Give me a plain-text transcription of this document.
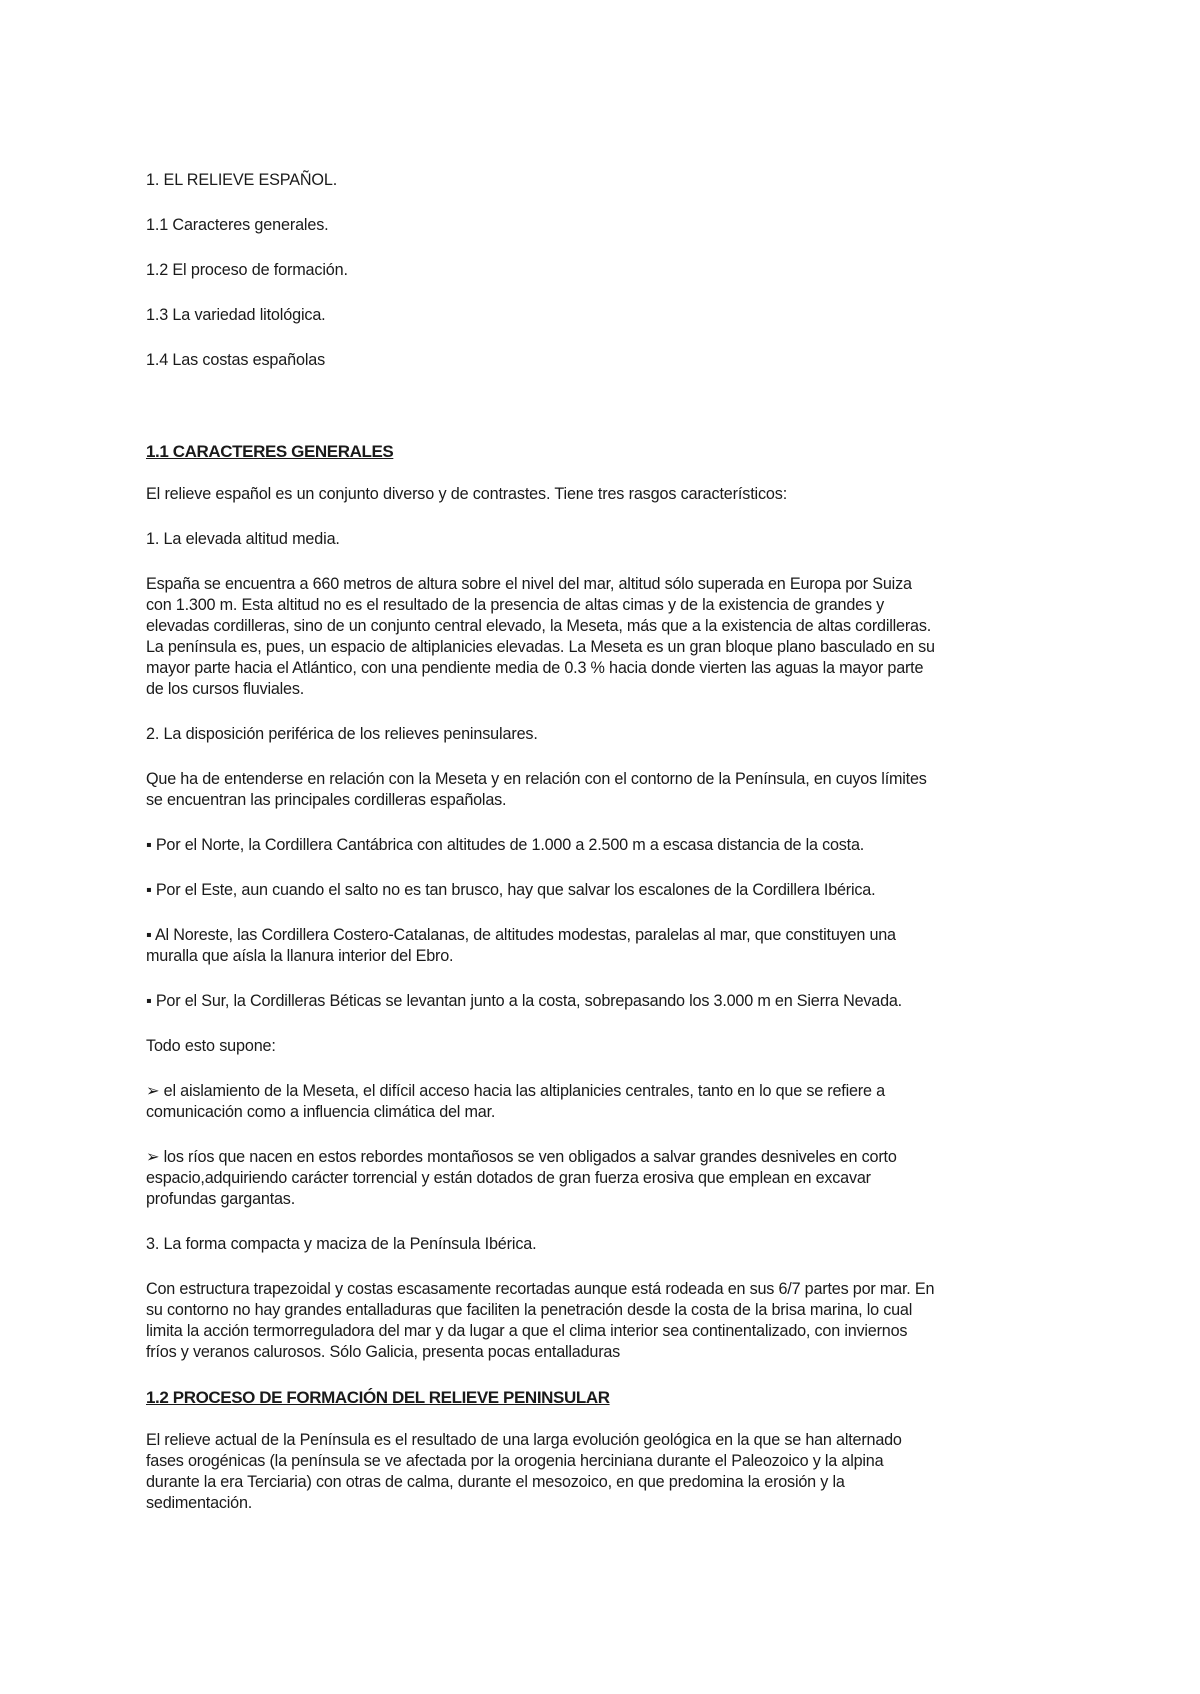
1. EL RELIEVE ESPAÑOL.
1.1 Caracteres generales.
1.2 El proceso de formación.
1.3 La variedad litológica.
1.4 Las costas españolas
1.1 CARACTERES GENERALES
El relieve español es un conjunto diverso y de contrastes. Tiene tres rasgos característicos:
1. La elevada altitud media.
España se encuentra a 660 metros de altura sobre el nivel del mar, altitud sólo superada en Europa por Suiza
con 1.300 m. Esta altitud no es el resultado de la presencia de altas cimas y de la existencia de grandes y
elevadas cordilleras, sino de un conjunto central elevado, la Meseta, más que a la existencia de altas cordilleras.
La península es, pues, un espacio de altiplanicies elevadas. La Meseta es un gran bloque plano basculado en su
mayor parte hacia el Atlántico, con una pendiente media de 0.3 % hacia donde vierten las aguas la mayor parte
de los cursos fluviales.
2. La disposición periférica de los relieves peninsulares.
Que ha de entenderse en relación con la Meseta y en relación con el contorno de la Península, en cuyos límites
se encuentran las principales cordilleras españolas.
▪ Por el Norte, la Cordillera Cantábrica con altitudes de 1.000 a 2.500 m a escasa distancia de la costa.
▪ Por el Este, aun cuando el salto no es tan brusco, hay que salvar los escalones de la Cordillera Ibérica.
▪ Al Noreste, las Cordillera Costero-Catalanas, de altitudes modestas, paralelas al mar, que constituyen una
muralla que aísla la llanura interior del Ebro.
▪ Por el Sur, la Cordilleras Béticas se levantan junto a la costa, sobrepasando los 3.000 m en Sierra Nevada.
Todo esto supone:
➢ el aislamiento de la Meseta, el difícil acceso hacia las altiplanicies centrales, tanto en lo que se refiere a
comunicación como a influencia climática del mar.
➢ los ríos que nacen en estos rebordes montañosos se ven obligados a salvar grandes desniveles en corto
espacio,adquiriendo carácter torrencial y están dotados de gran fuerza erosiva que emplean en excavar
profundas gargantas.
3. La forma compacta y maciza de la Península Ibérica.
Con estructura trapezoidal y costas escasamente recortadas aunque está rodeada en sus 6/7 partes por mar. En
su contorno no hay grandes entalladuras que faciliten la penetración desde la costa de la brisa marina, lo cual
limita la acción termorreguladora del mar y da lugar a que el clima interior sea continentalizado, con inviernos
fríos y veranos calurosos. Sólo Galicia, presenta pocas entalladuras
1.2 PROCESO DE FORMACIÓN DEL RELIEVE PENINSULAR
El relieve actual de la Península es el resultado de una larga evolución geológica en la que se han alternado
fases orogénicas (la península se ve afectada por la orogenia herciniana durante el Paleozoico y la alpina
durante la era Terciaria) con otras de calma, durante el mesozoico, en que predomina la erosión y la
sedimentación.
